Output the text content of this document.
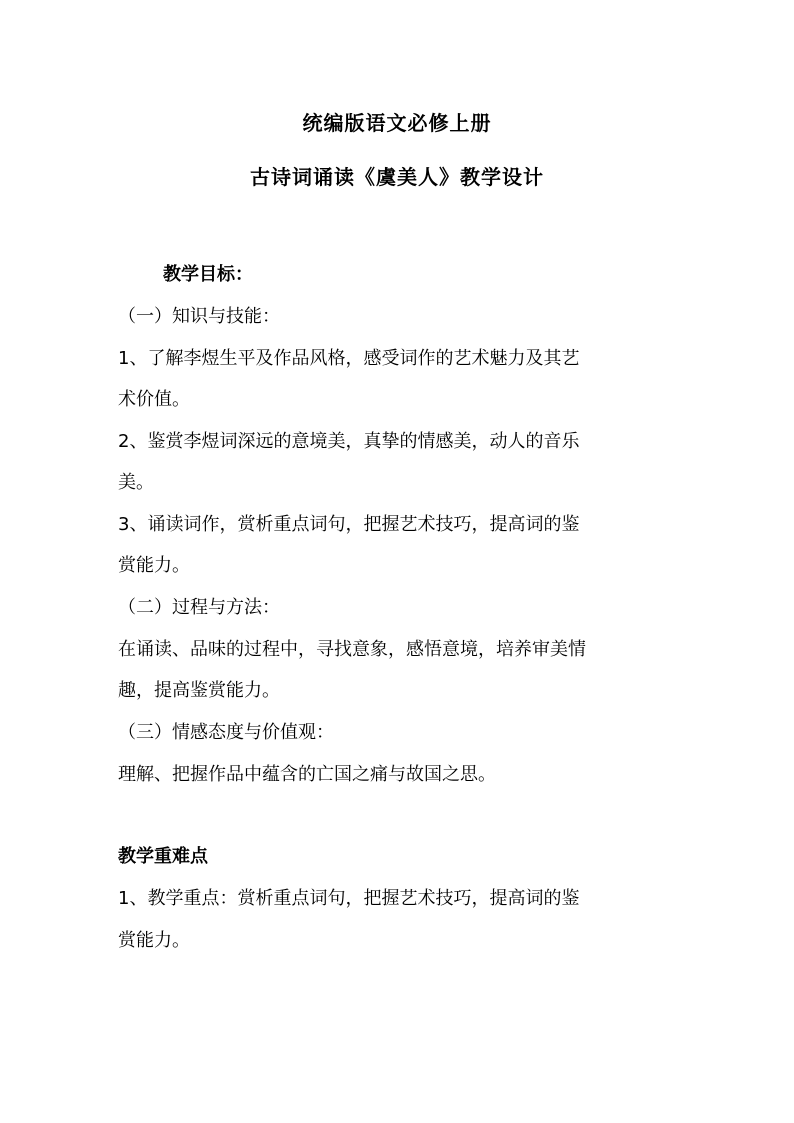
统编版语文必修上册
古诗词诵读《虞美人》教学设计
教学目标：
（一）知识与技能：
1、了解李煜生平及作品风格，感受词作的艺术魅力及其艺
术价值。
2、鉴赏李煜词深远的意境美，真挚的情感美，动人的音乐
美。
3、诵读词作，赏析重点词句，把握艺术技巧，提高词的鉴
赏能力。
（二）过程与方法：
在诵读、品味的过程中，寻找意象，感悟意境，培养审美情
趣，提高鉴赏能力。
（三）情感态度与价值观：
理解、把握作品中蕴含的亡国之痛与故国之思。
教学重难点
1、教学重点：赏析重点词句，把握艺术技巧，提高词的鉴
赏能力。
